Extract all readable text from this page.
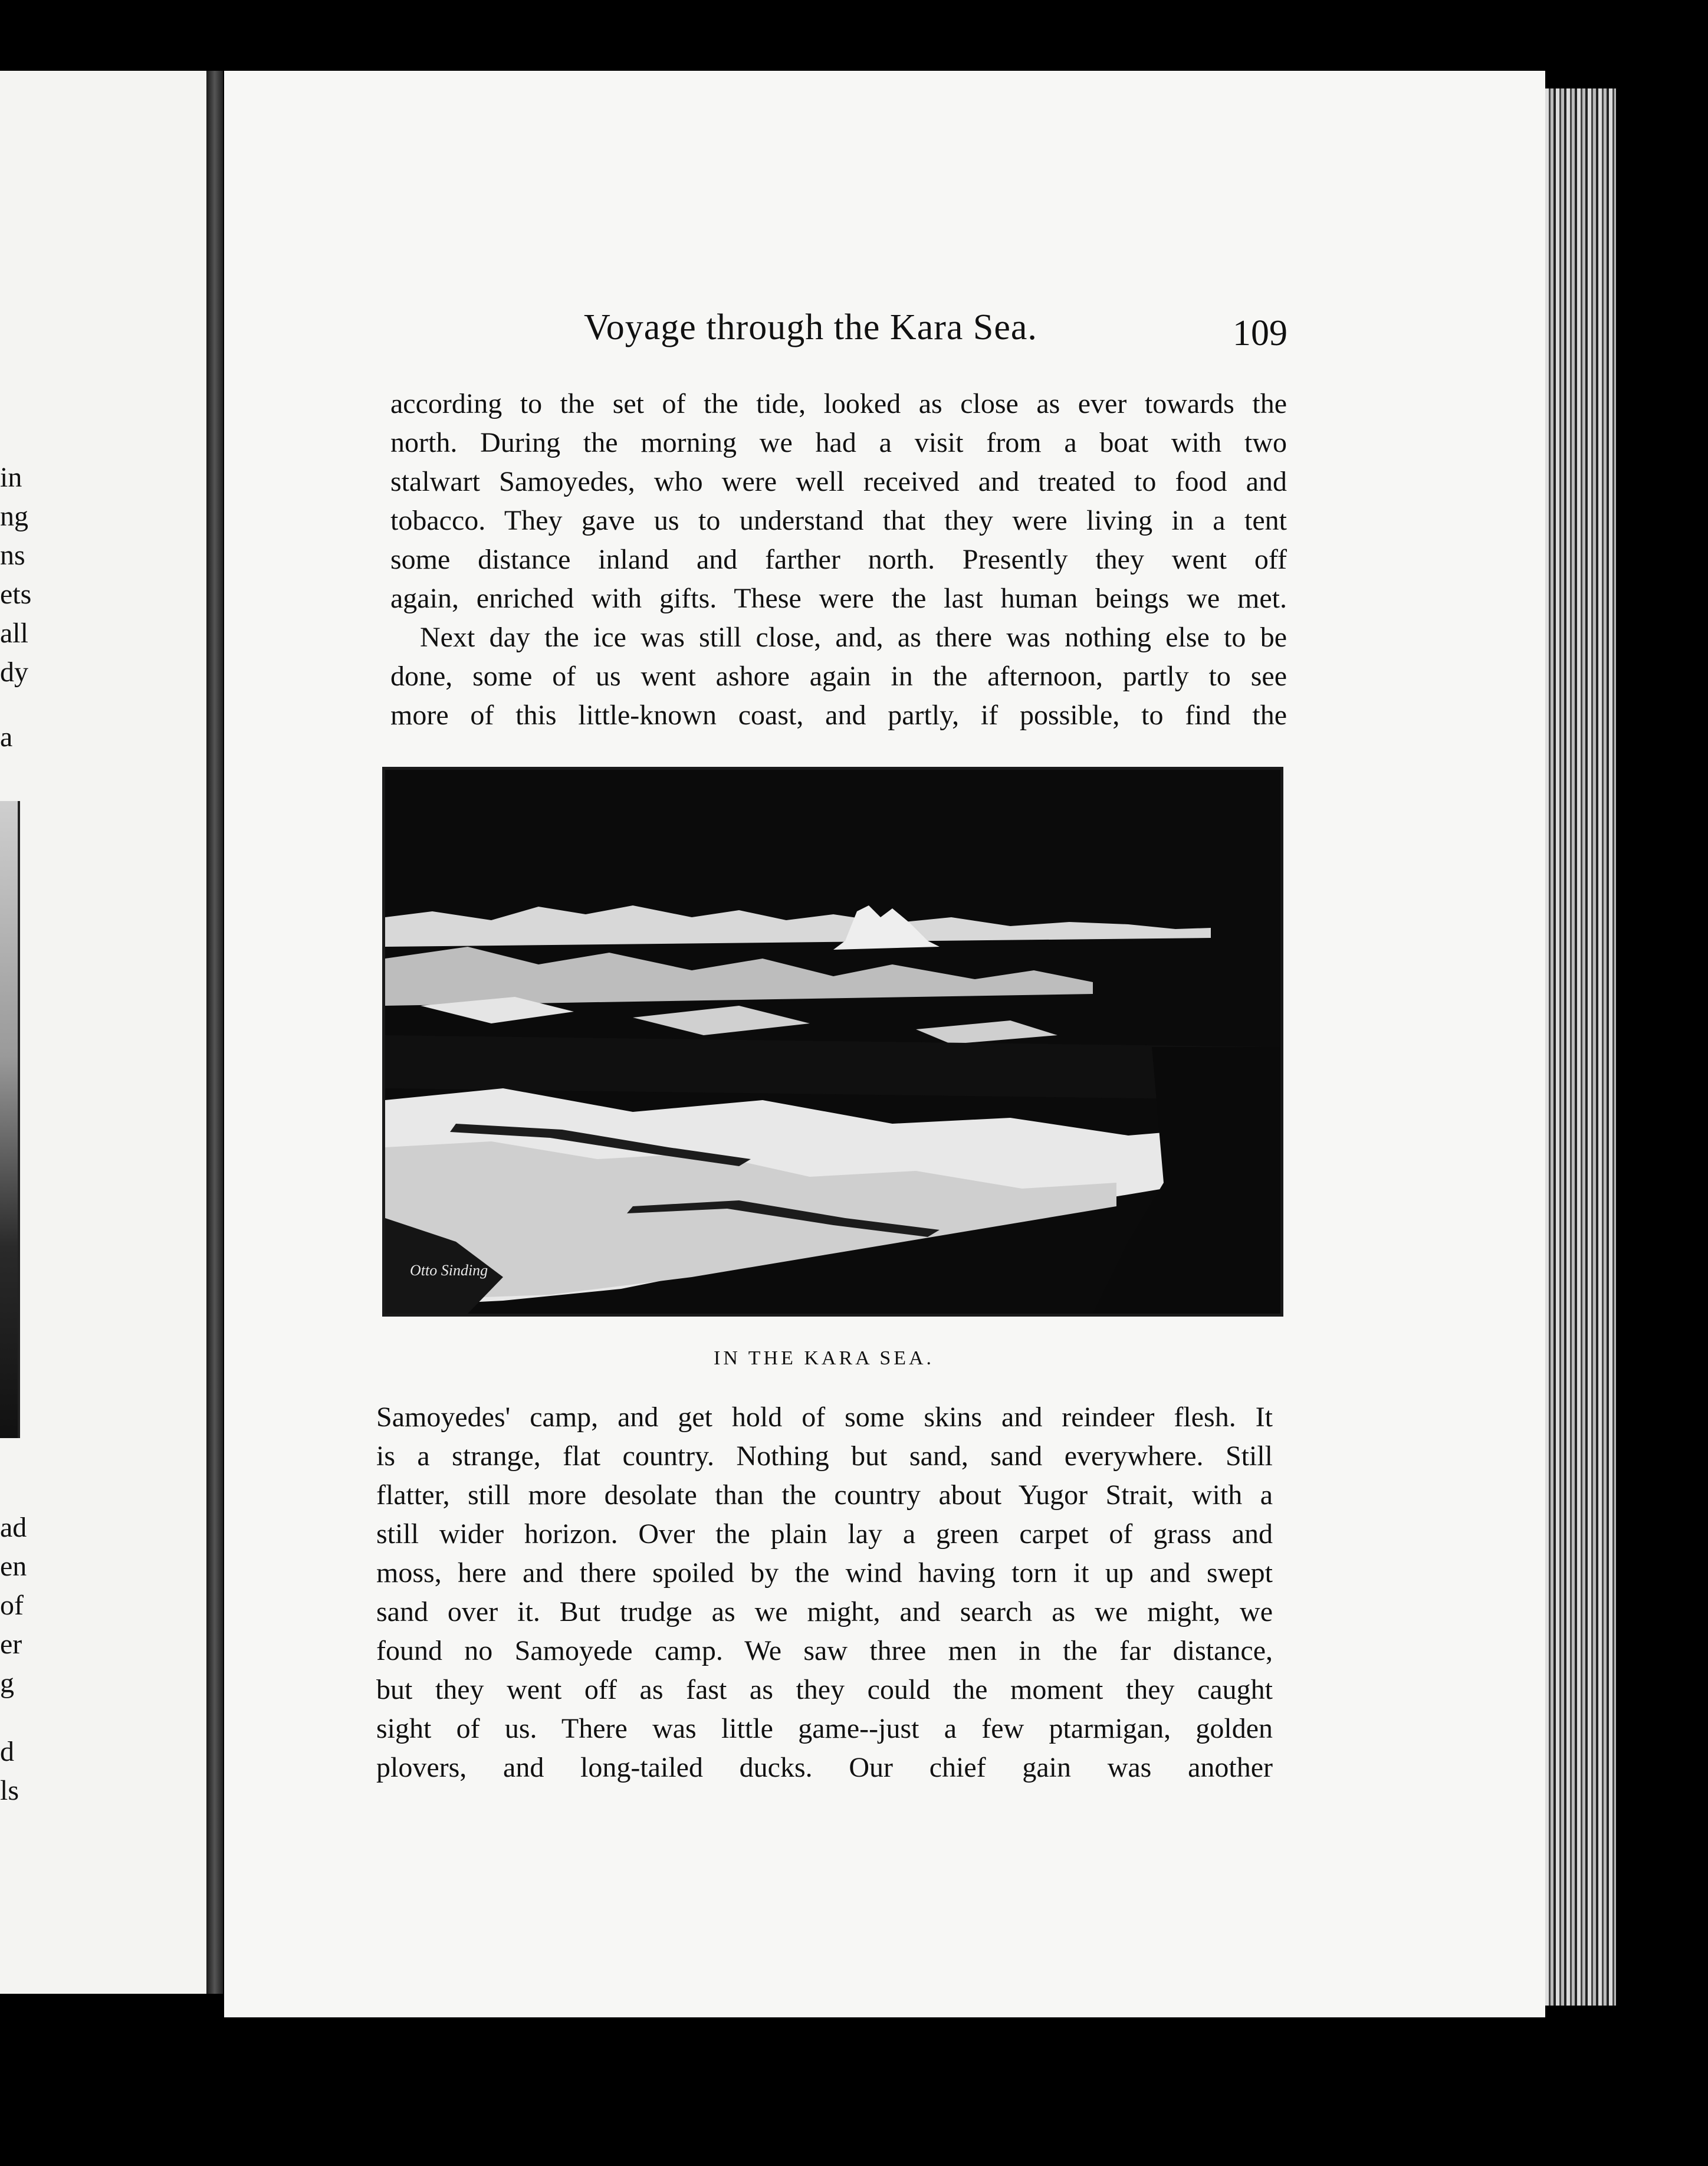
in
ng
ns
ets
all
dy
a
ad
en
of
er
g
d
ls
Voyage through the Kara Sea.	109
according to the set of the tide, looked as close as ever towards the
north. During the morning we had a visit from a boat with two
stalwart Samoyedes, who were well received and treated to food and
tobacco. They gave us to understand that they were living in a tent
some distance inland and farther north. Presently they went off
again, enriched with gifts. These were the last human beings we met.
Next day the ice was still close, and, as there was nothing else to be
done, some of us went ashore again in the afternoon, partly to see
more of this little-known coast, and partly, if possible, to find the
Otto Sinding
IN THE KARA SEA.
Samoyedes' camp, and get hold of some skins and reindeer flesh. It
is a strange, flat country. Nothing but sand, sand everywhere. Still
flatter, still more desolate than the country about Yugor Strait, with a
still wider horizon. Over the plain lay a green carpet of grass and
moss, here and there spoiled by the wind having torn it up and swept
sand over it. But trudge as we might, and search as we might, we
found no Samoyede camp. We saw three men in the far distance,
but they went off as fast as they could the moment they caught
sight of us. There was little game--just a few ptarmigan, golden
plovers, and long-tailed ducks. Our chief gain was another
